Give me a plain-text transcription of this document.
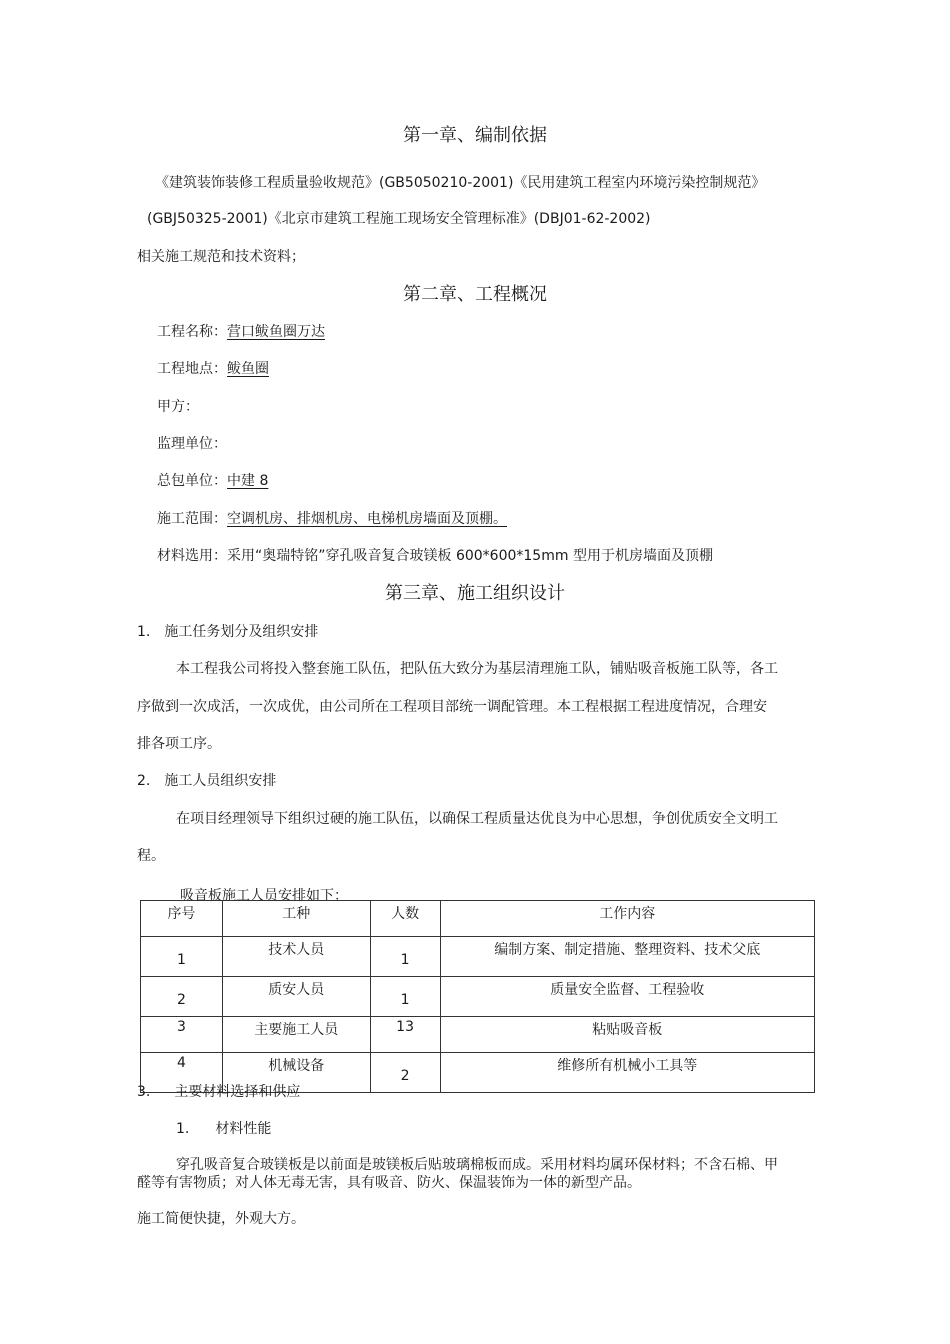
第一章、编制依据
《建筑装饰装修工程质量验收规范》(GB5050210-2001)《民用建筑工程室内环境污染控制规范》
(GBJ50325-2001)《北京市建筑工程施工现场安全管理标准》(DBJ01-62-2002)
相关施工规范和技术资料；
第二章、工程概况
工程名称：营口鲅鱼圈万达
工程地点：鲅鱼圈
甲方：
监理单位：
总包单位：中建 8
施工范围：空调机房、排烟机房、电梯机房墙面及顶棚。
材料选用：采用“奥瑞特铭”穿孔吸音复合玻镁板 600*600*15mm 型用于机房墙面及顶棚
第三章、施工组织设计
1. 施工任务划分及组织安排
本工程我公司将投入整套施工队伍，把队伍大致分为基层清理施工队，铺贴吸音板施工队等，各工
序做到一次成活，一次成优，由公司所在工程项目部统一调配管理。本工程根据工程进度情况，合理安
排各项工序。
2. 施工人员组织安排
在项目经理领导下组织过硬的施工队伍，以确保工程质量达优良为中心思想，争创优质安全文明工
程。
吸音板施工人员安排如下：
序号	工种	人数	工作内容
1	技术人员	1	编制方案、制定措施、整理资料、技术父底
2	质安人员	1	质量安全监督、工程验收
3	主要施工人员	13	粘贴吸音板
4	机械设备	2	维修所有机械小工具等
3. 主要材料选择和供应
1. 材料性能
穿孔吸音复合玻镁板是以前面是玻镁板后贴玻璃棉板而成。采用材料均属环保材料；不含石棉、甲
醛等有害物质；对人体无毒无害，具有吸音、防火、保温装饰为一体的新型产品。
施工简便快捷，外观大方。
